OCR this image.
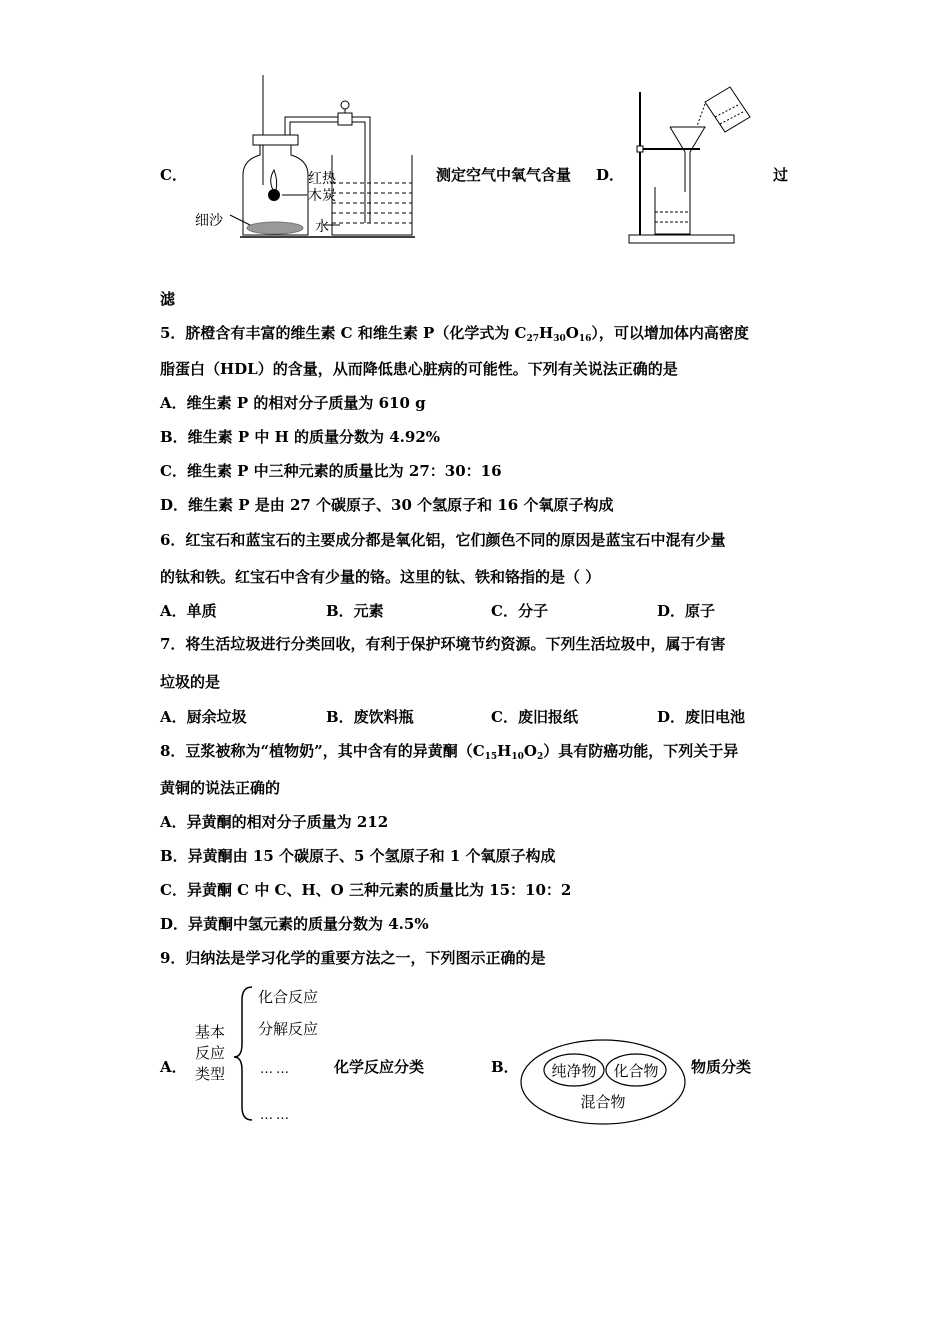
C．	红热
木炭
细沙	水
测定空气中氧气含量 D．	过
滤
5．脐橙含有丰富的维生素 C 和维生素 P（化学式为 $C_{27}H_{30}O_{16}$），可以增加体内高密度
脂蛋白（HDL）的含量，从而降低患心脏病的可能性。下列有关说法正确的是
A．维生素 P 的相对分子质量为 610 g
B．维生素 P 中 H 的质量分数为 4.92%
C．维生素 P 中三种元素的质量比为 27：30：16
D．维生素 P 是由 27 个碳原子、30 个氢原子和 16 个氧原子构成
6．红宝石和蓝宝石的主要成分都是氧化铝，它们颜色不同的原因是蓝宝石中混有少量
的钛和铁。红宝石中含有少量的铬。这里的钛、铁和铬指的是（ ）
A．单质	B．元素	C．分子	D．原子
7．将生活垃圾进行分类回收，有利于保护环境节约资源。下列生活垃圾中，属于有害
垃圾的是
A．厨余垃圾	B．废饮料瓶	C．废旧报纸	D．废旧电池
8．豆浆被称为“植物奶”，其中含有的异黄酮$(C_{15}H_{10}O_2)$具有防癌功能，下列关于异
黄铜的说法正确的
A．异黄酮的相对分子质量为 212
B．异黄酮由 15 个碳原子、5 个氢原子和 1 个氧原子构成
C．异黄酮 C 中 C、H、O 三种元素的质量比为 15：10：2
D．异黄酮中氢元素的质量分数为 4.5%
9．归纳法是学习化学的重要方法之一，下列图示正确的是
A．
基本
反应
类型
化合反应
分解反应
……
……
化学反应分类	B． 纯净物 化合物
混合物
物质分类
